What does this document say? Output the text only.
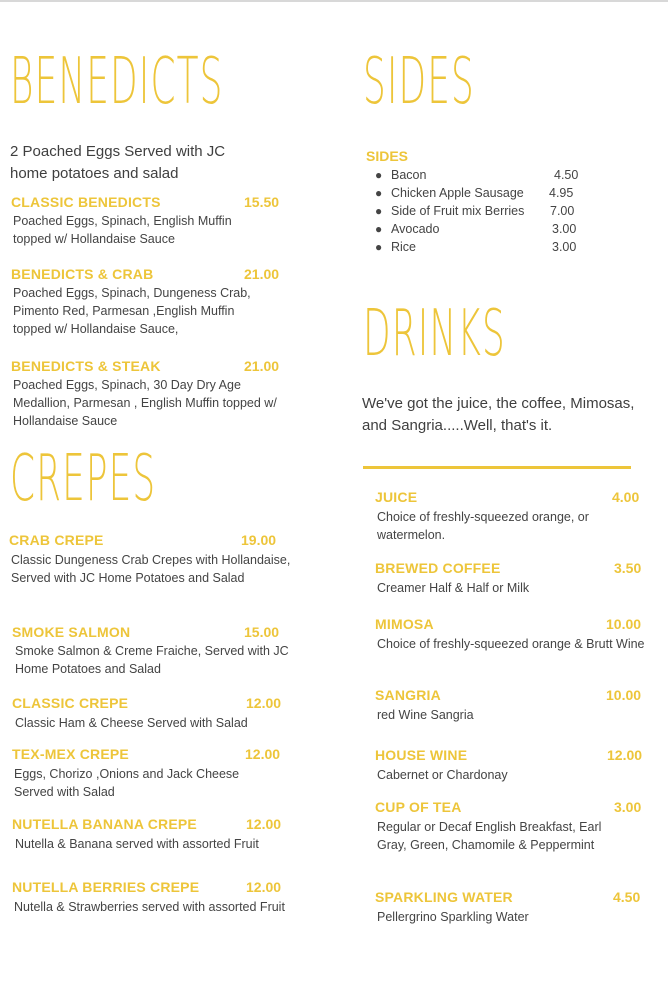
BENEDICTS
2 Poached Eggs Served with JC home potatoes and salad
CLASSIC BENEDICTS	15.50
Poached Eggs, Spinach, English Muffin topped w/ Hollandaise Sauce
BENEDICTS & CRAB	21.00
Poached Eggs, Spinach, Dungeness Crab, Pimento Red, Parmesan ,English Muffin topped w/ Hollandaise Sauce,
BENEDICTS & STEAK	21.00
Poached Eggs, Spinach, 30 Day Dry Age Medallion, Parmesan , English Muffin topped w/ Hollandaise Sauce
CREPES
CRAB CREPE	19.00
Classic Dungeness Crab Crepes with Hollandaise, Served with JC Home Potatoes and Salad
SMOKE SALMON	15.00
Smoke Salmon & Creme Fraiche, Served with JC Home Potatoes and Salad
CLASSIC CREPE	12.00
Classic Ham & Cheese Served with Salad
TEX-MEX CREPE	12.00
Eggs, Chorizo ,Onions and Jack Cheese Served with Salad
NUTELLA BANANA CREPE	12.00
Nutella & Banana served with assorted Fruit
NUTELLA BERRIES CREPE	12.00
Nutella & Strawberries served with assorted Fruit
SIDES
SIDES
● Bacon	4.50
● Chicken Apple Sausage 4.95
● Side of Fruit mix Berries 7.00
● Avocado	3.00
● Rice	3.00
DRINKS
We've got the juice, the coffee, Mimosas, and Sangria.....Well, that's it.
JUICE	4.00
Choice of freshly-squeezed orange, or watermelon.
BREWED COFFEE	3.50
Creamer Half & Half or Milk
MIMOSA	10.00
Choice of freshly-squeezed orange & Brutt Wine
SANGRIA	10.00
red Wine Sangria
HOUSE WINE	12.00
Cabernet or Chardonay
CUP OF TEA	3.00
Regular or Decaf English Breakfast, Earl Gray, Green, Chamomile & Peppermint
SPARKLING WATER	4.50
Pellergrino Sparkling Water
